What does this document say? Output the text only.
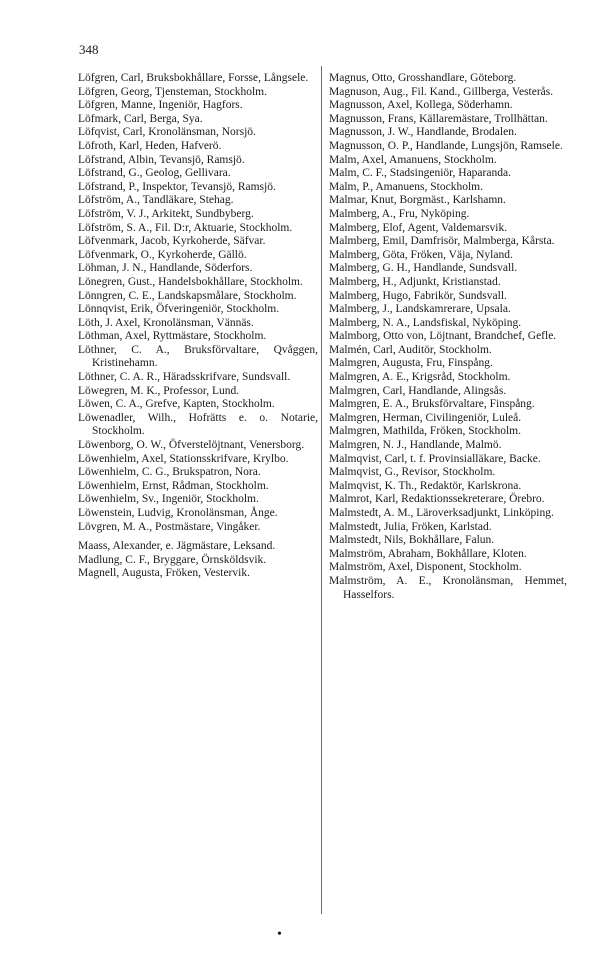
348
Löfgren, Carl, Bruksbokhållare, Forsse, Långsele.
Löfgren, Georg, Tjensteman, Stockholm.
Löfgren, Manne, Ingeniör, Hagfors.
Löfmark, Carl, Berga, Sya.
Löfqvist, Carl, Kronolänsman, Norsjö.
Löfroth, Karl, Heden, Hafverö.
Löfstrand, Albin, Tevansjö, Ramsjö.
Löfstrand, G., Geolog, Gellivara.
Löfstrand, P., Inspektor, Tevansjö, Ramsjö.
Löfström, A., Tandläkare, Stehag.
Löfström, V. J., Arkitekt, Sundbyberg.
Löfström, S. A., Fil. D:r, Aktuarie, Stockholm.
Löfvenmark, Jacob, Kyrkoherde, Säfvar.
Löfvenmark, O., Kyrkoherde, Gällö.
Löhman, J. N., Handlande, Söderfors.
Lönegren, Gust., Handelsbokhållare, Stockholm.
Lönngren, C. E., Landskapsmålare, Stockholm.
Lönnqvist, Erik, Öfveringeniör, Stockholm.
Löth, J. Axel, Kronolänsman, Vännäs.
Löthman, Axel, Ryttmästare, Stockholm.
Löthner, C. A., Bruksförvaltare, Qvåggen, Kristinehamn.
Löthner, C. A. R., Häradsskrifvare, Sundsvall.
Löwegren, M. K., Professor, Lund.
Löwen, C. A., Grefve, Kapten, Stockholm.
Löwenadler, Wilh., Hofrätts e. o. Notarie, Stockholm.
Löwenborg, O. W., Öfverstelöjtnant, Venersborg.
Löwenhielm, Axel, Stationsskrifvare, Krylbo.
Löwenhielm, C. G., Brukspatron, Nora.
Löwenhielm, Ernst, Rådman, Stockholm.
Löwenhielm, Sv., Ingeniör, Stockholm.
Löwenstein, Ludvig, Kronolänsman, Ånge.
Lövgren, M. A., Postmästare, Vingåker.
Maass, Alexander, e. Jägmästare, Leksand.
Madlung, C. F., Bryggare, Örnsköldsvik.
Magnell, Augusta, Fröken, Vestervik.
Magnus, Otto, Grosshandlare, Göteborg.
Magnuson, Aug., Fil. Kand., Gillberga, Vesterås.
Magnusson, Axel, Kollega, Söderhamn.
Magnusson, Frans, Källaremästare, Trollhättan.
Magnusson, J. W., Handlande, Brodalen.
Magnusson, O. P., Handlande, Lungsjön, Ramsele.
Malm, Axel, Amanuens, Stockholm.
Malm, C. F., Stadsingeniör, Haparanda.
Malm, P., Amanuens, Stockholm.
Malmar, Knut, Borgmäst., Karlshamn.
Malmberg, A., Fru, Nyköping.
Malmberg, Elof, Agent, Valdemarsvik.
Malmberg, Emil, Damfrisör, Malmberga, Kårsta.
Malmberg, Göta, Fröken, Väja, Nyland.
Malmberg, G. H., Handlande, Sundsvall.
Malmberg, H., Adjunkt, Kristianstad.
Malmberg, Hugo, Fabrikör, Sundsvall.
Malmberg, J., Landskamrerare, Upsala.
Malmberg, N. A., Landsfiskal, Nyköping.
Malmborg, Otto von, Löjtnant, Brandchef, Gefle.
Malmén, Carl, Auditör, Stockholm.
Malmgren, Augusta, Fru, Finspång.
Malmgren, A. E., Krigsråd, Stockholm.
Malmgren, Carl, Handlande, Alingsås.
Malmgren, E. A., Bruksförvaltare, Finspång.
Malmgren, Herman, Civilingeniör, Luleå.
Malmgren, Mathilda, Fröken, Stockholm.
Malmgren, N. J., Handlande, Malmö.
Malmqvist, Carl, t. f. Provinsialläkare, Backe.
Malmqvist, G., Revisor, Stockholm.
Malmqvist, K. Th., Redaktör, Karlskrona.
Malmrot, Karl, Redaktionssekreterare, Örebro.
Malmstedt, A. M., Läroverksadjunkt, Linköping.
Malmstedt, Julia, Fröken, Karlstad.
Malmstedt, Nils, Bokhållare, Falun.
Malmström, Abraham, Bokhållare, Kloten.
Malmström, Axel, Disponent, Stockholm.
Malmström, A. E., Kronolänsman, Hemmet, Hasselfors.
•
